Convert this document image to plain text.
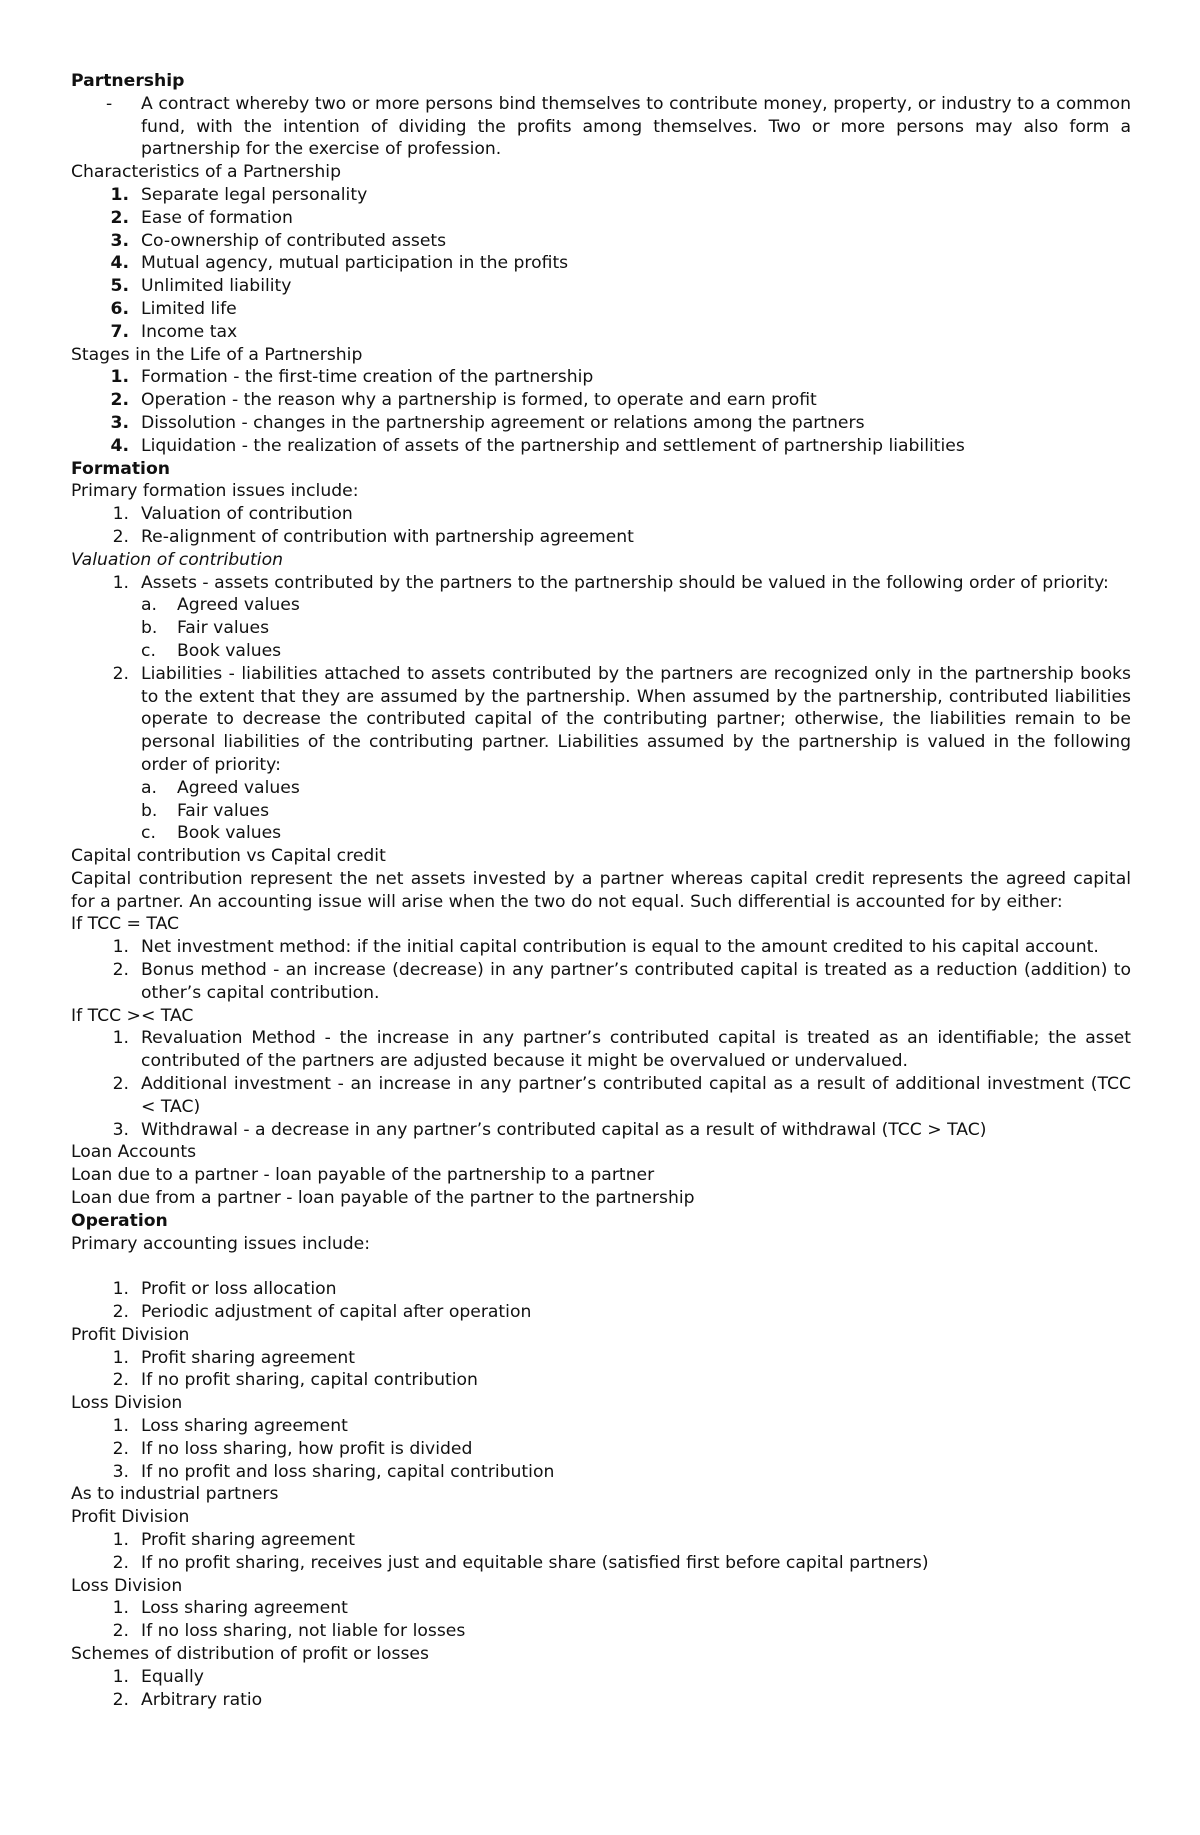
Partnership

-	A contract whereby two or more persons bind themselves to contribute money, property, or industry to a common fund, with the intention of dividing the profits among themselves. Two or more persons may also form a partnership for the exercise of profession.

Characteristics of a Partnership

1. Separate legal personality
2. Ease of formation
3. Co-ownership of contributed assets
4. Mutual agency, mutual participation in the profits
5. Unlimited liability
6. Limited life
7. Income tax

Stages in the Life of a Partnership

1. Formation - the first-time creation of the partnership
2. Operation - the reason why a partnership is formed, to operate and earn profit
3. Dissolution - changes in the partnership agreement or relations among the partners
4. Liquidation - the realization of assets of the partnership and settlement of partnership liabilities

Formation

Primary formation issues include:

1. Valuation of contribution
2. Re-alignment of contribution with partnership agreement

Valuation of contribution

1. Assets - assets contributed by the partners to the partnership should be valued in the following order of priority:
a.	Agreed values
b.	Fair values
c.	Book values
2. Liabilities - liabilities attached to assets contributed by the partners are recognized only in the partnership books to the extent that they are assumed by the partnership. When assumed by the partnership, contributed liabilities operate to decrease the contributed capital of the contributing partner; otherwise, the liabilities remain to be personal liabilities of the contributing partner. Liabilities assumed by the partnership is valued in the following order of priority:
a.	Agreed values
b.	Fair values
c.	Book values

Capital contribution vs Capital credit

Capital contribution represent the net assets invested by a partner whereas capital credit represents the agreed capital for a partner. An accounting issue will arise when the two do not equal. Such differential is accounted for by either:

If TCC = TAC

1. Net investment method: if the initial capital contribution is equal to the amount credited to his capital account.
2. Bonus method - an increase (decrease) in any partner’s contributed capital is treated as a reduction (addition) to other’s capital contribution.

If TCC >< TAC

1. Revaluation Method - the increase in any partner’s contributed capital is treated as an identifiable; the asset contributed of the partners are adjusted because it might be overvalued or undervalued.
2. Additional investment - an increase in any partner’s contributed capital as a result of additional investment (TCC < TAC)
3. Withdrawal - a decrease in any partner’s contributed capital as a result of withdrawal (TCC > TAC)

Loan Accounts

Loan due to a partner - loan payable of the partnership to a partner

Loan due from a partner - loan payable of the partner to the partnership

Operation

Primary accounting issues include:

1. Profit or loss allocation
2. Periodic adjustment of capital after operation

Profit Division

1. Profit sharing agreement
2. If no profit sharing, capital contribution

Loss Division

1. Loss sharing agreement
2. If no loss sharing, how profit is divided
3. If no profit and loss sharing, capital contribution

As to industrial partners

Profit Division

1. Profit sharing agreement
2. If no profit sharing, receives just and equitable share (satisfied first before capital partners)

Loss Division

1. Loss sharing agreement
2. If no loss sharing, not liable for losses

Schemes of distribution of profit or losses

1. Equally
2. Arbitrary ratio
